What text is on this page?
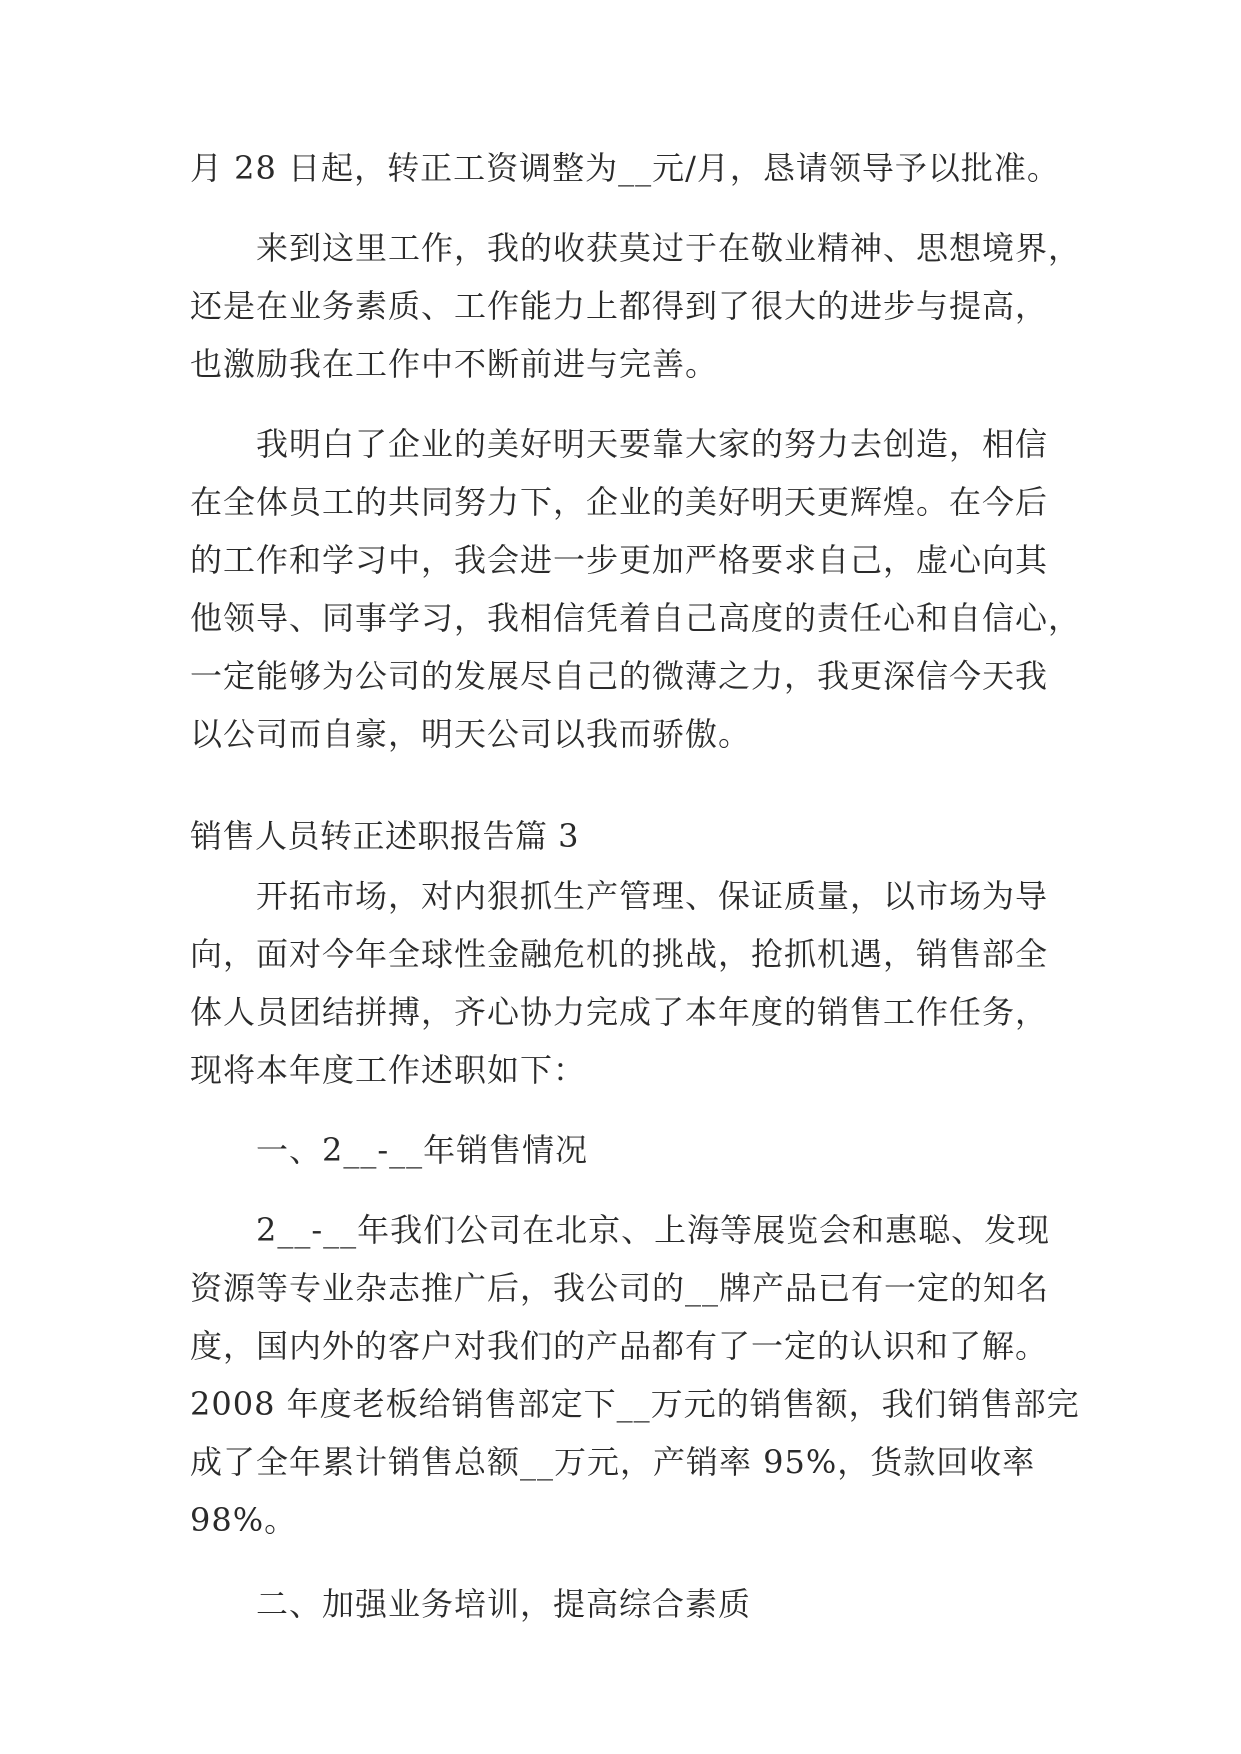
月 28 日起，转正工资调整为__元/月，恳请领导予以批准。
来到这里工作，我的收获莫过于在敬业精神、思想境界，
还是在业务素质、工作能力上都得到了很大的进步与提高，
也激励我在工作中不断前进与完善。
我明白了企业的美好明天要靠大家的努力去创造，相信
在全体员工的共同努力下，企业的美好明天更辉煌。在今后
的工作和学习中，我会进一步更加严格要求自己，虚心向其
他领导、同事学习，我相信凭着自己高度的责任心和自信心，
一定能够为公司的发展尽自己的微薄之力，我更深信今天我
以公司而自豪，明天公司以我而骄傲。
销售人员转正述职报告篇 3
开拓市场，对内狠抓生产管理、保证质量，以市场为导
向，面对今年全球性金融危机的挑战，抢抓机遇，销售部全
体人员团结拼搏，齐心协力完成了本年度的销售工作任务，
现将本年度工作述职如下：
一、2__-__年销售情况
2__-__年我们公司在北京、上海等展览会和惠聪、发现
资源等专业杂志推广后，我公司的__牌产品已有一定的知名
度，国内外的客户对我们的产品都有了一定的认识和了解。
2008 年度老板给销售部定下__万元的销售额，我们销售部完
成了全年累计销售总额__万元，产销率 95%，货款回收率
98%。
二、加强业务培训，提高综合素质
